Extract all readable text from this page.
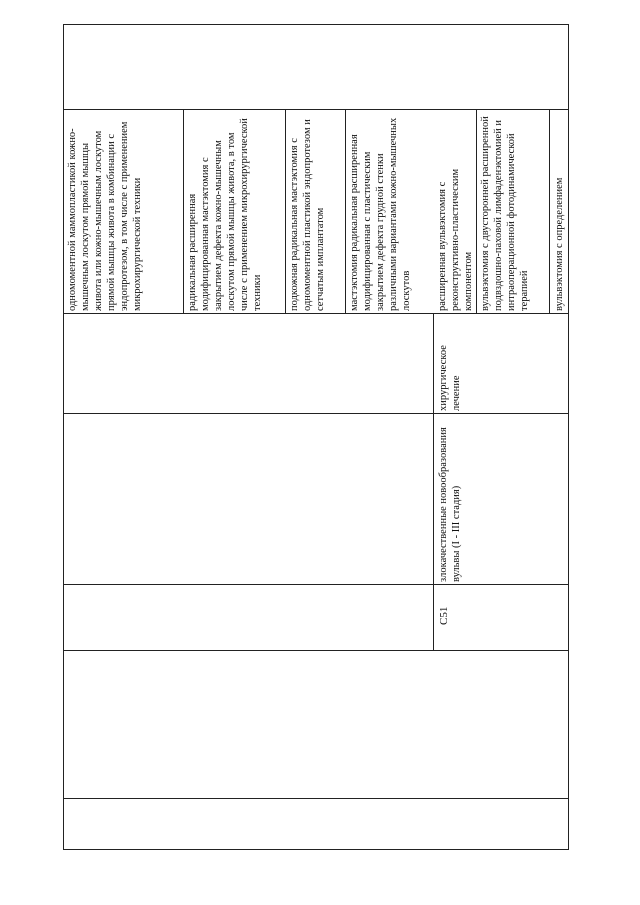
одномоментной маммопластикой кожно-мышечным лоскутом прямой мышцы живота или кожно-мышечным лоскутом прямой мышцы живота в комбинации с эндопротезом, в том числе с применением микрохирургической техники	радикальная расширенная модифицированная мастэктомия с закрытием дефекта кожно-мышечным лоскутом прямой мышцы живота, в том числе с применением микрохирургической техники подкожная радикальная мастэктомия с одномоментной пластикой эндопротезом и сетчатым имплантатом мастэктомия радикальная расширенная модифицированная с пластическим закрытием дефекта грудной стенки различными вариантами кожно-мышечных лоскутов расширенная вульвэктомия с реконструктивно-пластическим компонентом вульвэктомия с двусторонней расширенной подвздошно-паховой лимфаденэктомией и интраоперационной фотодинамической терапией вульвэктомия с определением
хирургическое лечение
злокачественные новообразования вульвы (I - III стадия)
C51
